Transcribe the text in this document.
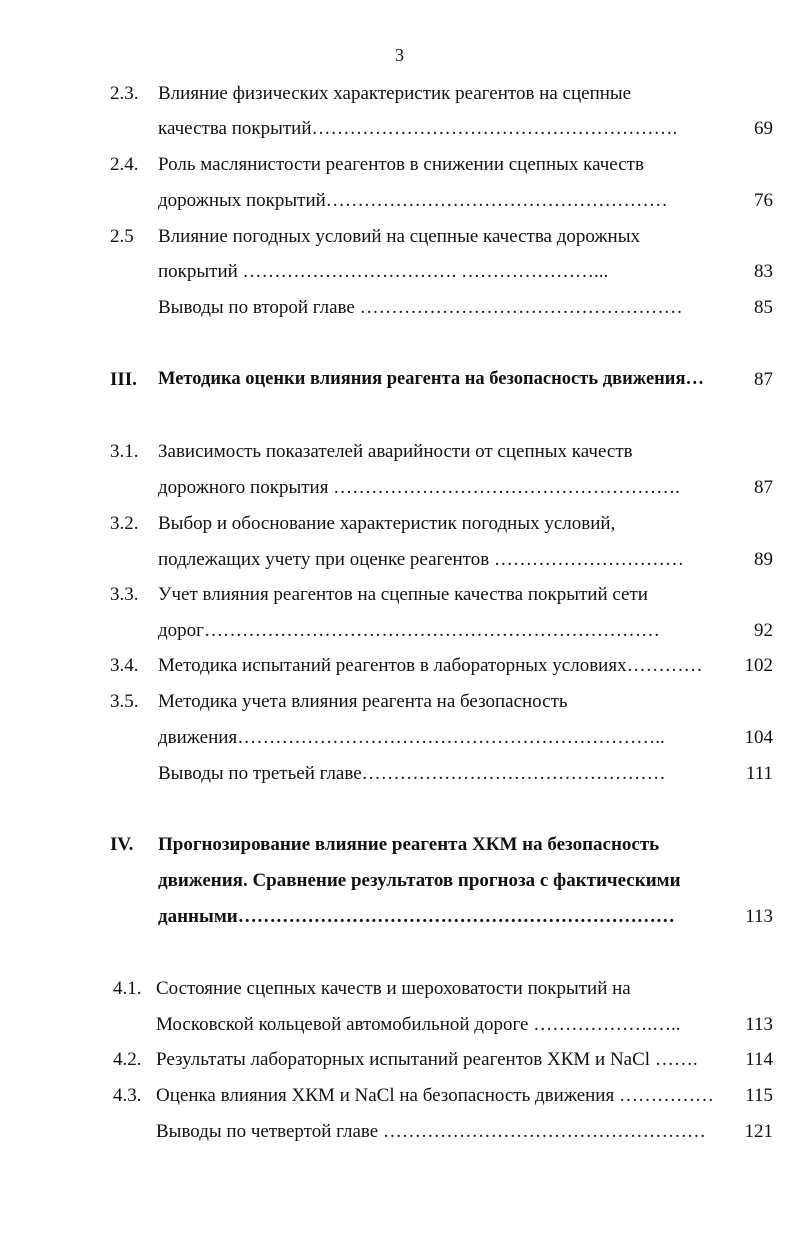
3
2.3. Влияние физических характеристик реагентов на сцепные
качества покрытий………………………………………………….	69
2.4. Роль маслянистости реагентов в снижении сцепных качеств
дорожных покрытий………………………………………………	76
2.5 Влияние погодных условий на сцепные качества дорожных
покрытий ……………………………. …………………...	83
Выводы по второй главе ……………………………………………	85
III. Методика оценки влияния реагента на безопасность движения…	87
3.1. Зависимость показателей аварийности от сцепных качеств
дорожного покрытия ……………………………………………….	87
3.2. Выбор и обоснование характеристик погодных условий,
подлежащих учету при оценке реагентов …………………………	89
3.3. Учет влияния реагентов на сцепные качества покрытий сети
дорог………………………………………………………………	92
3.4. Методика испытаний реагентов в лабораторных условиях………… 102
3.5. Методика учета влияния реагента на безопасность
движения…………………………………………………………..	104
Выводы по третьей главе…………………………………………	111
IV. Прогнозирование влияние реагента ХКМ на безопасность
движения. Сравнение результатов прогноза с фактическими
данными……………………………………………………………	113
4.1. Состояние сцепных качеств и шероховатости покрытий на
Московской кольцевой автомобильной дороге ……………….…..	113
4.2. Результаты лабораторных испытаний реагентов ХКМ и NaCl …….	114
4.3. Оценка влияния ХКМ и NaCl на безопасность движения …………… 115
Выводы по четвертой главе …………………………………………… 121
